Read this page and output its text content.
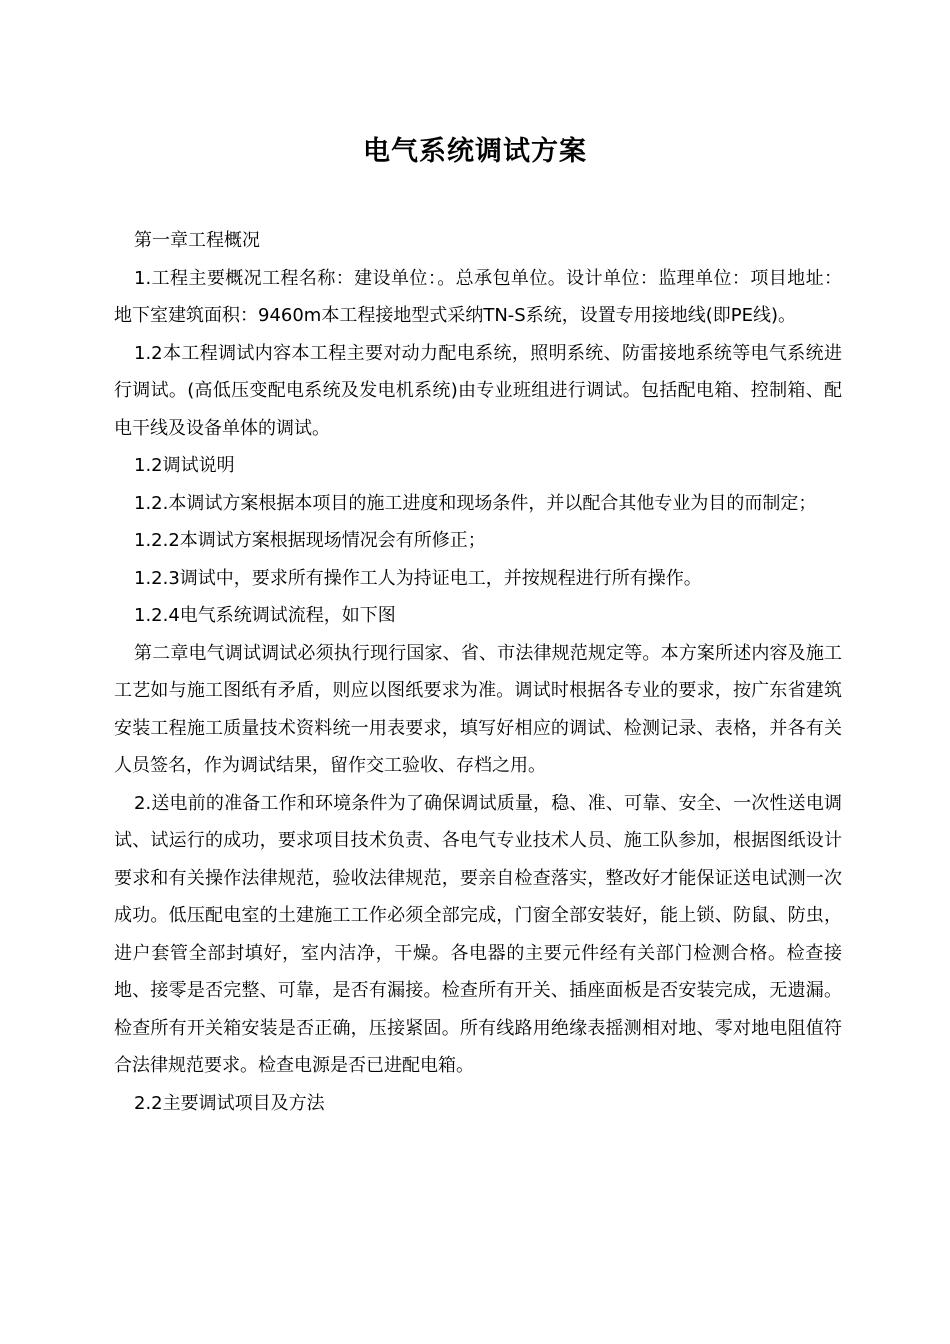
电气系统调试方案

第一章工程概况

1.工程主要概况工程名称：建设单位：。总承包单位。设计单位：监理单位：项目地址：地下室建筑面积：9460m本工程接地型式采纳TN-S系统，设置专用接地线(即PE线)。

1.2本工程调试内容本工程主要对动力配电系统，照明系统、防雷接地系统等电气系统进行调试。(高低压变配电系统及发电机系统)由专业班组进行调试。包括配电箱、控制箱、配电干线及设备单体的调试。

1.2调试说明

1.2.本调试方案根据本项目的施工进度和现场条件，并以配合其他专业为目的而制定；

1.2.2本调试方案根据现场情况会有所修正；

1.2.3调试中，要求所有操作工人为持证电工，并按规程进行所有操作。

1.2.4电气系统调试流程，如下图

第二章电气调试调试必须执行现行国家、省、市法律规范规定等。本方案所述内容及施工工艺如与施工图纸有矛盾，则应以图纸要求为准。调试时根据各专业的要求，按广东省建筑安装工程施工质量技术资料统一用表要求，填写好相应的调试、检测记录、表格，并各有关人员签名，作为调试结果，留作交工验收、存档之用。

2.送电前的准备工作和环境条件为了确保调试质量，稳、准、可靠、安全、一次性送电调试、试运行的成功，要求项目技术负责、各电气专业技术人员、施工队参加，根据图纸设计要求和有关操作法律规范，验收法律规范，要亲自检查落实，整改好才能保证送电试测一次成功。低压配电室的土建施工工作必须全部完成，门窗全部安装好，能上锁、防鼠、防虫，进户套管全部封填好，室内洁净，干燥。各电器的主要元件经有关部门检测合格。检查接地、接零是否完整、可靠，是否有漏接。检查所有开关、插座面板是否安装完成，无遗漏。检查所有开关箱安装是否正确，压接紧固。所有线路用绝缘表摇测相对地、零对地电阻值符合法律规范要求。检查电源是否已进配电箱。

2.2主要调试项目及方法
